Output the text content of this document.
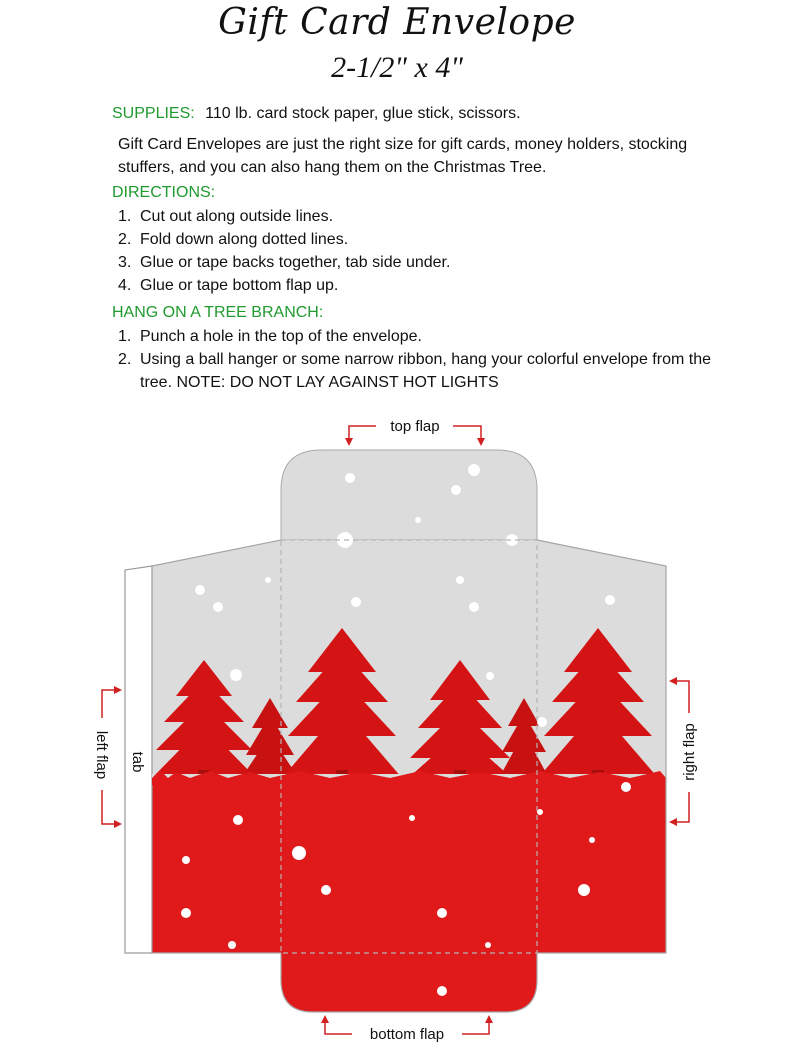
Gift Card Envelope
2-1/2" x 4"
SUPPLIES: 110 lb. card stock paper, glue stick, scissors.
Gift Card Envelopes are just the right size for gift cards, money holders, stocking stuffers, and you can also hang them on the Christmas Tree.
DIRECTIONS:
1. Cut out along outside lines.
2. Fold down along dotted lines.
3. Glue or tape backs together, tab side under.
4. Glue or tape bottom flap up.
HANG ON A TREE BRANCH:
1. Punch a hole in the top of the envelope.
2. Using a ball hanger or some narrow ribbon, hang your colorful envelope from the tree. NOTE: DO NOT LAY AGAINST HOT LIGHTS
top flap
bottom flap
left flap	right flap
tab
